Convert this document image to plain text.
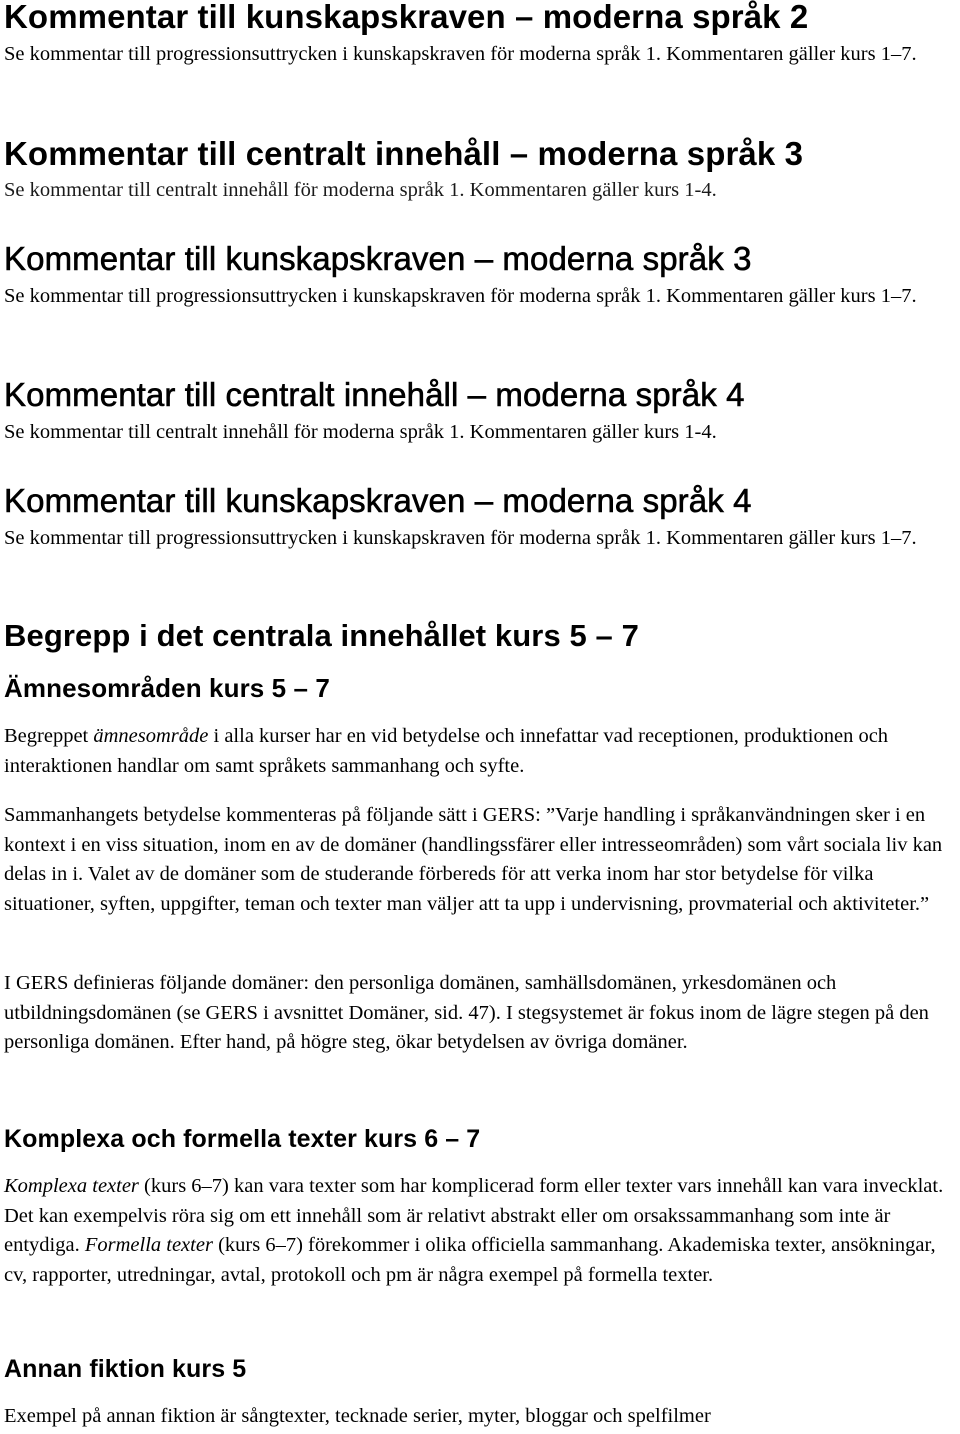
Kommentar till kunskapskraven – moderna språk 2

Se kommentar till progressionsuttrycken i kunskapskraven för moderna språk 1. Kommentaren gäller kurs 1–7.

Kommentar till centralt innehåll – moderna språk 3

Se kommentar till centralt innehåll för moderna språk 1. Kommentaren gäller kurs 1-4.

Kommentar till kunskapskraven – moderna språk 3

Se kommentar till progressionsuttrycken i kunskapskraven för moderna språk 1. Kommentaren gäller kurs 1–7.

Kommentar till centralt innehåll – moderna språk 4

Se kommentar till centralt innehåll för moderna språk 1. Kommentaren gäller kurs 1-4.

Kommentar till kunskapskraven – moderna språk 4

Se kommentar till progressionsuttrycken i kunskapskraven för moderna språk 1. Kommentaren gäller kurs 1–7.

Begrepp i det centrala innehållet kurs 5 – 7
Ämnesområden kurs 5 – 7

Begreppet ämnesområde i alla kurser har en vid betydelse och innefattar vad receptionen, produktionen och interaktionen handlar om samt språkets sammanhang och syfte.

Sammanhangets betydelse kommenteras på följande sätt i GERS: ”Varje handling i språkanvändningen sker i en kontext i en viss situation, inom en av de domäner (handlingssfärer eller intresseområden) som vårt sociala liv kan delas in i. Valet av de domäner som de studerande förbereds för att verka inom har stor betydelse för vilka situationer, syften, uppgifter, teman och texter man väljer att ta upp i undervisning, provmaterial och aktiviteter.”

I GERS definieras följande domäner: den personliga domänen, samhällsdomänen, yrkesdomänen och utbildningsdomänen (se GERS i avsnittet Domäner, sid. 47). I stegsystemet är fokus inom de lägre stegen på den personliga domänen. Efter hand, på högre steg, ökar betydelsen av övriga domäner.

Komplexa och formella texter kurs 6 – 7

Komplexa texter (kurs 6–7) kan vara texter som har komplicerad form eller texter vars innehåll kan vara invecklat. Det kan exempelvis röra sig om ett innehåll som är relativt abstrakt eller om orsakssammanhang som inte är entydiga. Formella texter (kurs 6–7) förekommer i olika officiella sammanhang. Akademiska texter, ansökningar, cv, rapporter, utredningar, avtal, protokoll och pm är några exempel på formella texter.

Annan fiktion kurs 5

Exempel på annan fiktion är sångtexter, tecknade serier, myter, bloggar och spelfilmer
